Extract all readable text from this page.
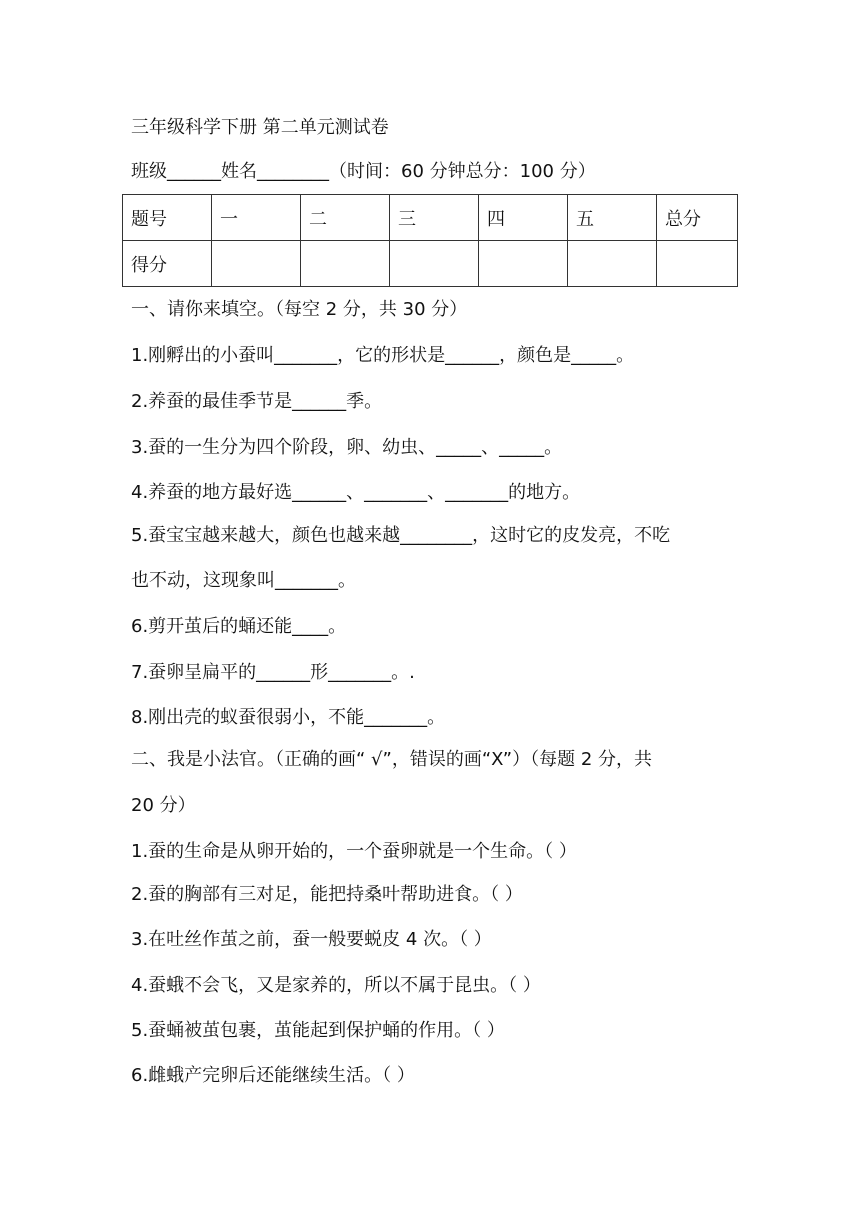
三年级科学下册 第二单元测试卷
班级______姓名________（时间：60 分钟总分：100 分）
题号	一	二	三	四	五	总分
得分						
一、请你来填空。（每空 2 分，共 30 分）
1.刚孵出的小蚕叫_______，它的形状是______，颜色是_____。
2.养蚕的最佳季节是______季。
3.蚕的一生分为四个阶段，卵、幼虫、_____、_____。
4.养蚕的地方最好选______、_______、_______的地方。
5.蚕宝宝越来越大，颜色也越来越________，这时它的皮发亮，不吃
也不动，这现象叫_______。
6.剪开茧后的蛹还能____。
7.蚕卵呈扁平的______形_______。.
8.刚出壳的蚁蚕很弱小，不能_______。
二、我是小法官。（正确的画“ √”，错误的画“X”）（每题 2 分，共
20 分）
1.蚕的生命是从卵开始的，一个蚕卵就是一个生命。（ ）
2.蚕的胸部有三对足，能把持桑叶帮助进食。（ ）
3.在吐丝作茧之前，蚕一般要蜕皮 4 次。（ ）
4.蚕蛾不会飞，又是家养的，所以不属于昆虫。（ ）
5.蚕蛹被茧包裹，茧能起到保护蛹的作用。（ ）
6.雌蛾产完卵后还能继续生活。（ ）
